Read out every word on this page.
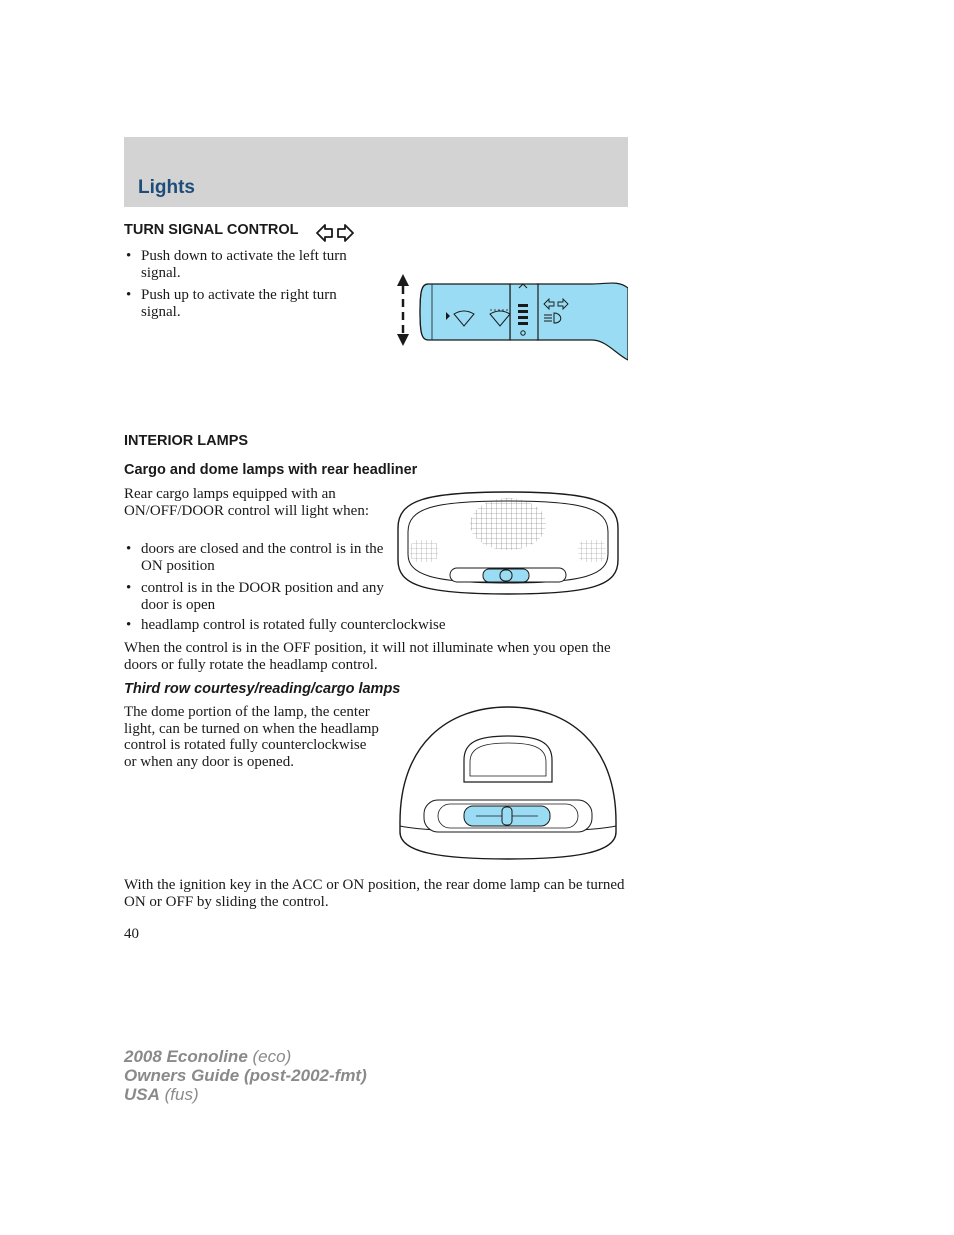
Lights
TURN SIGNAL CONTROL
• Push down to activate the left turn signal.
• Push up to activate the right turn signal.
INTERIOR LAMPS
Cargo and dome lamps with rear headliner
Rear cargo lamps equipped with an ON/OFF/DOOR control will light when:
• doors are closed and the control is in the ON position
• control is in the DOOR position and any door is open
• headlamp control is rotated fully counterclockwise
When the control is in the OFF position, it will not illuminate when you open the doors or fully rotate the headlamp control.
Third row courtesy/reading/cargo lamps
The dome portion of the lamp, the center light, can be turned on when the headlamp control is rotated fully counterclockwise or when any door is opened.
With the ignition key in the ACC or ON position, the rear dome lamp can be turned ON or OFF by sliding the control.
40

2008 Econoline (eco)

Owners Guide (post-2002-fmt)

USA (fus)
